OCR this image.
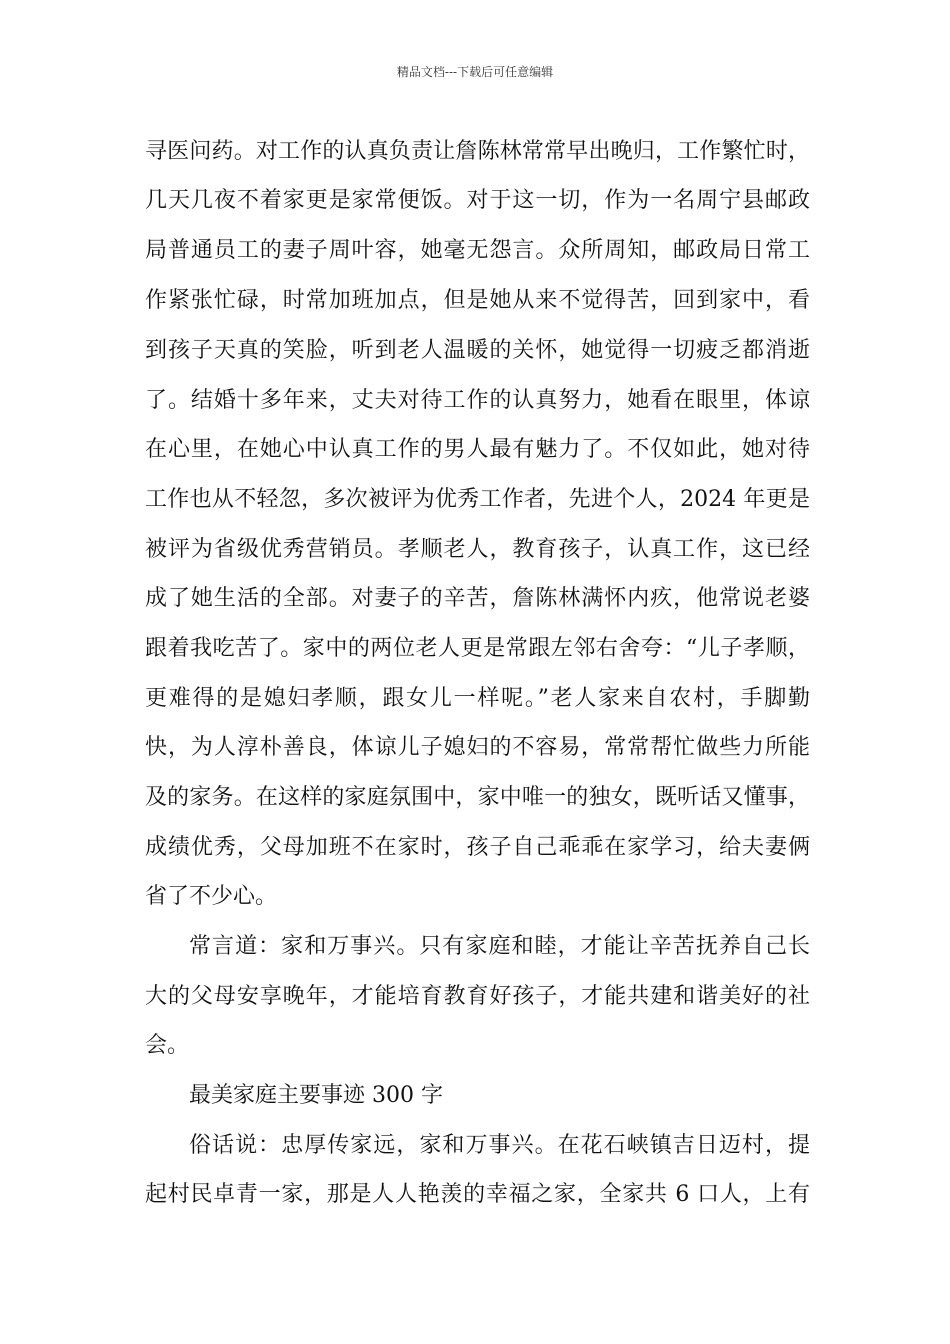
精品文档---下载后可任意编辑
寻医问药。对工作的认真负责让詹陈林常常早出晚归，工作繁忙时，
几天几夜不着家更是家常便饭。对于这一切，作为一名周宁县邮政
局普通员工的妻子周叶容，她毫无怨言。众所周知，邮政局日常工
作紧张忙碌，时常加班加点，但是她从来不觉得苦，回到家中，看
到孩子天真的笑脸，听到老人温暖的关怀，她觉得一切疲乏都消逝
了。结婚十多年来，丈夫对待工作的认真努力，她看在眼里，体谅
在心里，在她心中认真工作的男人最有魅力了。不仅如此，她对待
工作也从不轻忽，多次被评为优秀工作者，先进个人，2024 年更是
被评为省级优秀营销员。孝顺老人，教育孩子，认真工作，这已经
成了她生活的全部。对妻子的辛苦，詹陈林满怀内疚，他常说老婆
跟着我吃苦了。家中的两位老人更是常跟左邻右舍夸：“儿子孝顺，
更难得的是媳妇孝顺，跟女儿一样呢。”老人家来自农村，手脚勤
快，为人淳朴善良，体谅儿子媳妇的不容易，常常帮忙做些力所能
及的家务。在这样的家庭氛围中，家中唯一的独女，既听话又懂事，
成绩优秀，父母加班不在家时，孩子自己乖乖在家学习，给夫妻俩
省了不少心。
常言道：家和万事兴。只有家庭和睦，才能让辛苦抚养自己长
大的父母安享晚年，才能培育教育好孩子，才能共建和谐美好的社
会。
最美家庭主要事迹 300 字
俗话说：忠厚传家远，家和万事兴。在花石峡镇吉日迈村，提
起村民卓青一家，那是人人艳羡的幸福之家，全家共 6 口人，上有
